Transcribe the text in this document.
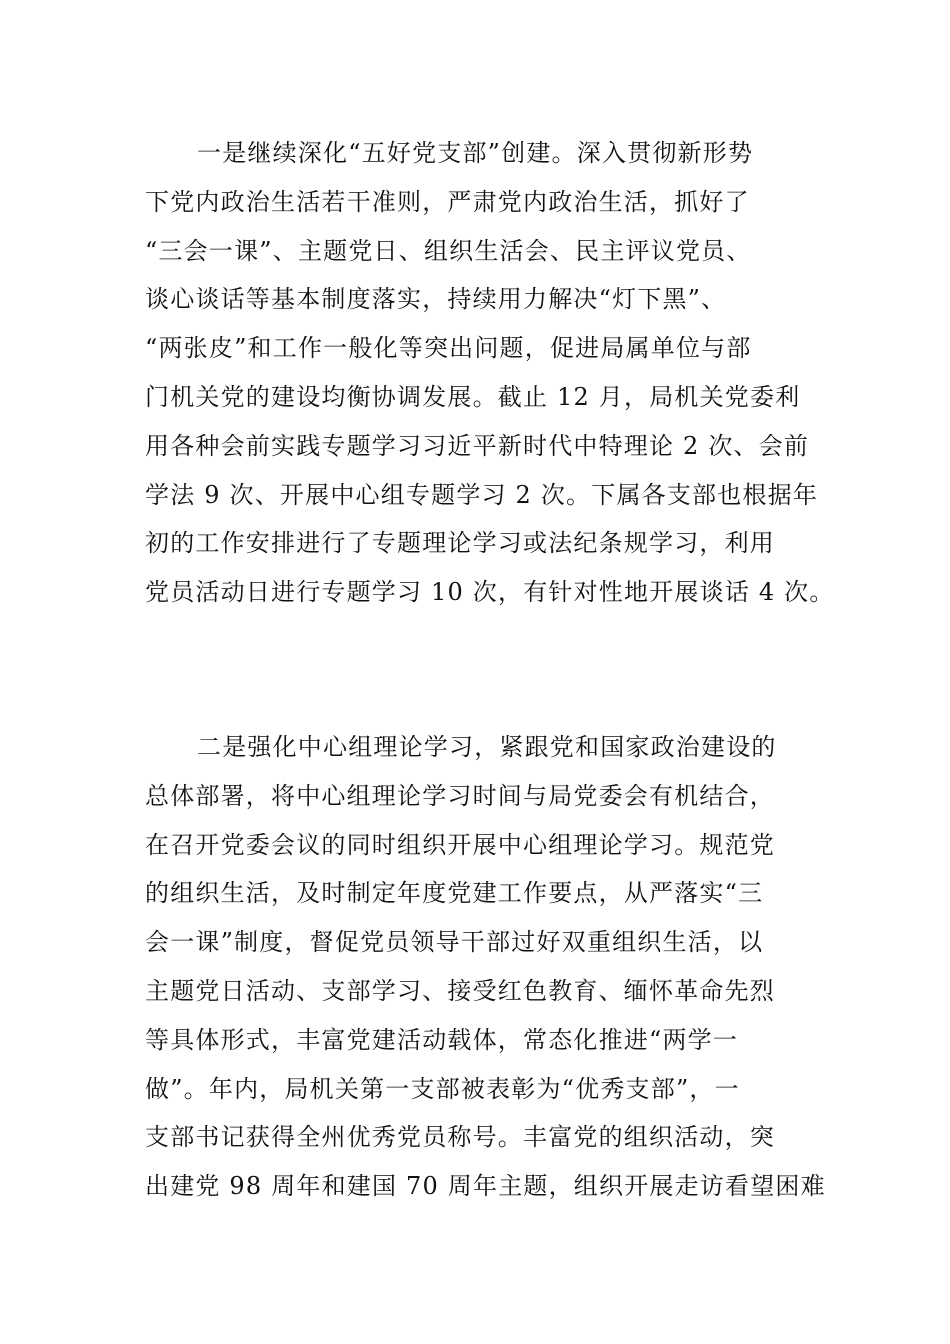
一是继续深化“五好党支部”创建。深入贯彻新形势
下党内政治生活若干准则，严肃党内政治生活，抓好了
“三会一课”、主题党日、组织生活会、民主评议党员、
谈心谈话等基本制度落实，持续用力解决“灯下黑”、
“两张皮”和工作一般化等突出问题，促进局属单位与部
门机关党的建设均衡协调发展。截止 12 月，局机关党委利
用各种会前实践专题学习习近平新时代中特理论 2 次、会前
学法 9 次、开展中心组专题学习 2 次。下属各支部也根据年
初的工作安排进行了专题理论学习或法纪条规学习，利用
党员活动日进行专题学习 10 次，有针对性地开展谈话 4 次。
二是强化中心组理论学习，紧跟党和国家政治建设的
总体部署，将中心组理论学习时间与局党委会有机结合，
在召开党委会议的同时组织开展中心组理论学习。规范党
的组织生活，及时制定年度党建工作要点，从严落实“三
会一课”制度，督促党员领导干部过好双重组织生活，以
主题党日活动、支部学习、接受红色教育、缅怀革命先烈
等具体形式，丰富党建活动载体，常态化推进“两学一
做”。年内，局机关第一支部被表彰为“优秀支部”，一
支部书记获得全州优秀党员称号。丰富党的组织活动，突
出建党 98 周年和建国 70 周年主题，组织开展走访看望困难
